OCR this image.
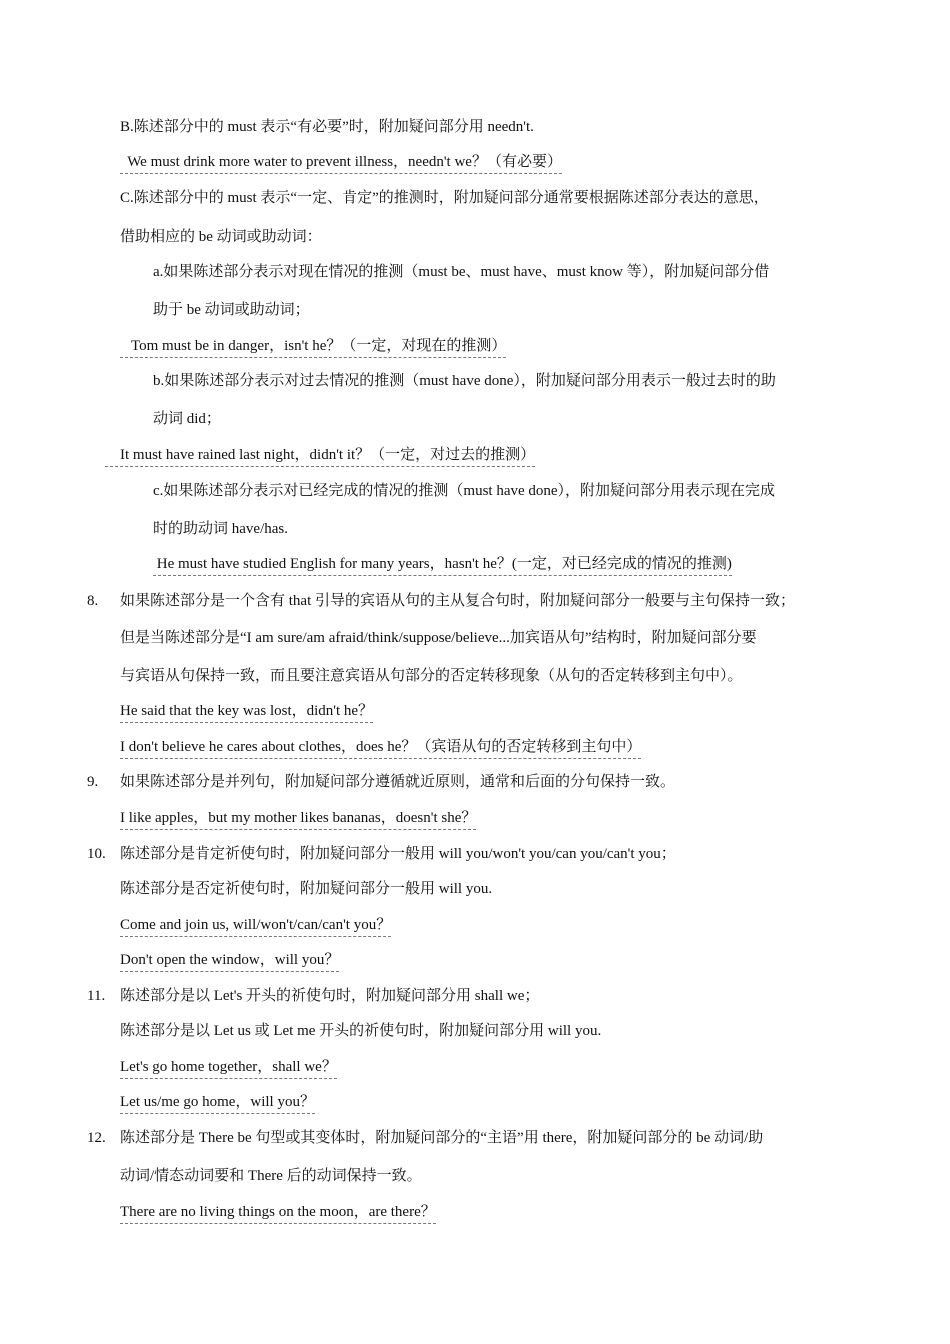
B.陈述部分中的 must 表示“有必要”时，附加疑问部分用 needn't.
We must drink more water to prevent illness，needn't we？（有必要）
C.陈述部分中的 must 表示“一定、肯定”的推测时，附加疑问部分通常要根据陈述部分表达的意思，
借助相应的 be 动词或助动词：
a.如果陈述部分表示对现在情况的推测（must be、must have、must know 等），附加疑问部分借
助于 be 动词或助动词；
Tom must be in danger，isn't he？（一定，对现在的推测）
b.如果陈述部分表示对过去情况的推测（must have done），附加疑问部分用表示一般过去时的助
动词 did；
It must have rained last night，didn't it？（一定，对过去的推测）
c.如果陈述部分表示对已经完成的情况的推测（must have done），附加疑问部分用表示现在完成
时的助动词 have/has.
He must have studied English for many years，hasn't he？(一定，对已经完成的情况的推测)
8. 如果陈述部分是一个含有 that 引导的宾语从句的主从复合句时，附加疑问部分一般要与主句保持一致；
但是当陈述部分是“I am sure/am afraid/think/suppose/believe...加宾语从句”结构时，附加疑问部分要
与宾语从句保持一致，而且要注意宾语从句部分的否定转移现象（从句的否定转移到主句中）。
He said that the key was lost，didn't he？
I don't believe he cares about clothes，does he？（宾语从句的否定转移到主句中）
9. 如果陈述部分是并列句，附加疑问部分遵循就近原则，通常和后面的分句保持一致。
I like apples，but my mother likes bananas，doesn't she？
10. 陈述部分是肯定祈使句时，附加疑问部分一般用 will you/won't you/can you/can't you；
陈述部分是否定祈使句时，附加疑问部分一般用 will you.
Come and join us, will/won't/can/can't you？
Don't open the window，will you？
11. 陈述部分是以 Let's 开头的祈使句时，附加疑问部分用 shall we；
陈述部分是以 Let us 或 Let me 开头的祈使句时，附加疑问部分用 will you.
Let's go home together，shall we？
Let us/me go home，will you？
12. 陈述部分是 There be 句型或其变体时，附加疑问部分的“主语”用 there，附加疑问部分的 be 动词/助
动词/情态动词要和 There 后的动词保持一致。
There are no living things on the moon，are there？
